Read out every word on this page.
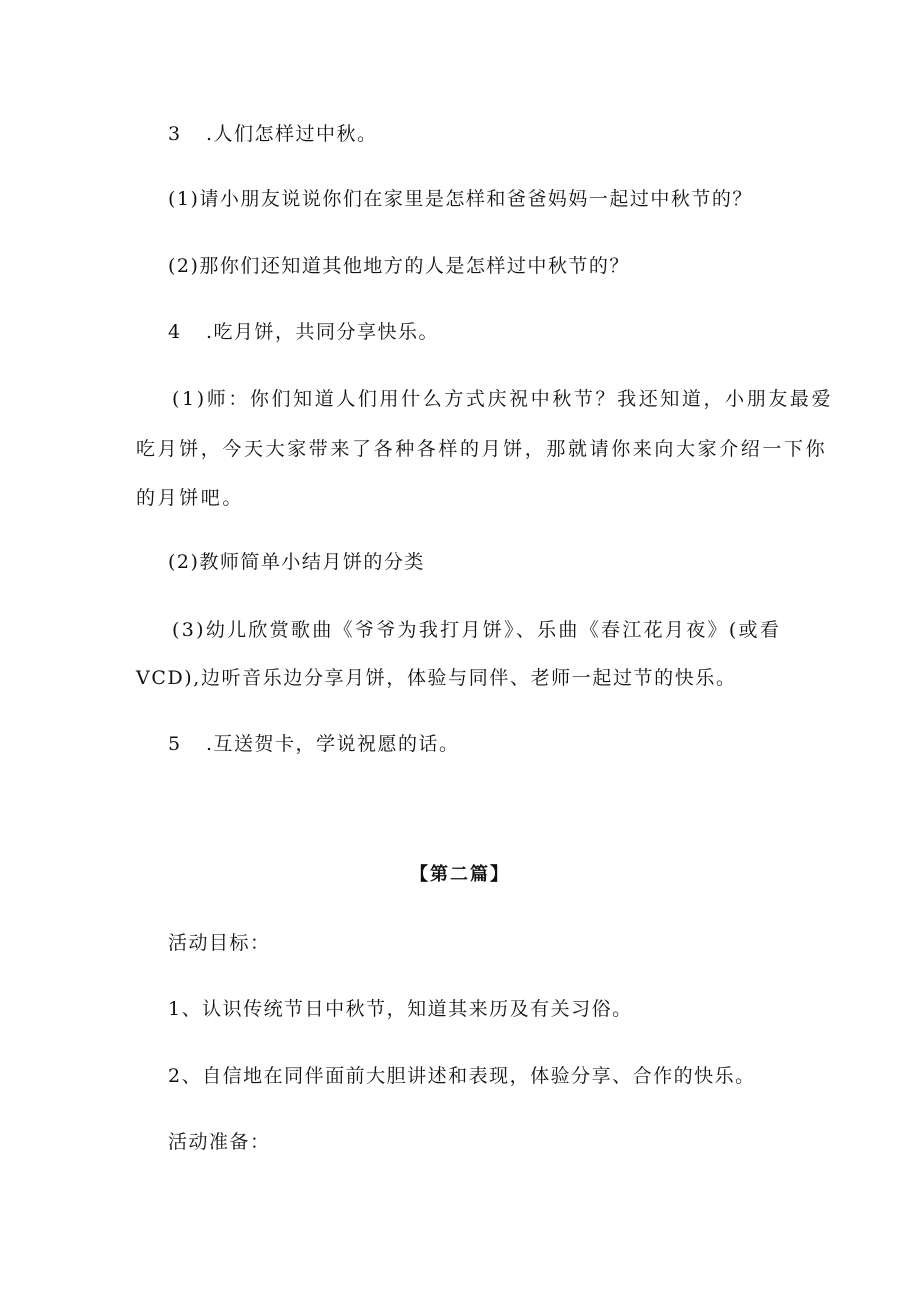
3 .人们怎样过中秋。
(1)请小朋友说说你们在家里是怎样和爸爸妈妈一起过中秋节的？
(2)那你们还知道其他地方的人是怎样过中秋节的？
4 .吃月饼，共同分享快乐。
(1)师：你们知道人们用什么方式庆祝中秋节？我还知道，小朋友最爱
吃月饼，今天大家带来了各种各样的月饼，那就请你来向大家介绍一下你
的月饼吧。
(2)教师简单小结月饼的分类
(3)幼儿欣赏歌曲《爷爷为我打月饼》、乐曲《春江花月夜》(或看
VCD),边听音乐边分享月饼，体验与同伴、老师一起过节的快乐。
5 .互送贺卡，学说祝愿的话。
【第二篇】
活动目标：
1、认识传统节日中秋节，知道其来历及有关习俗。
2、自信地在同伴面前大胆讲述和表现，体验分享、合作的快乐。
活动准备：
